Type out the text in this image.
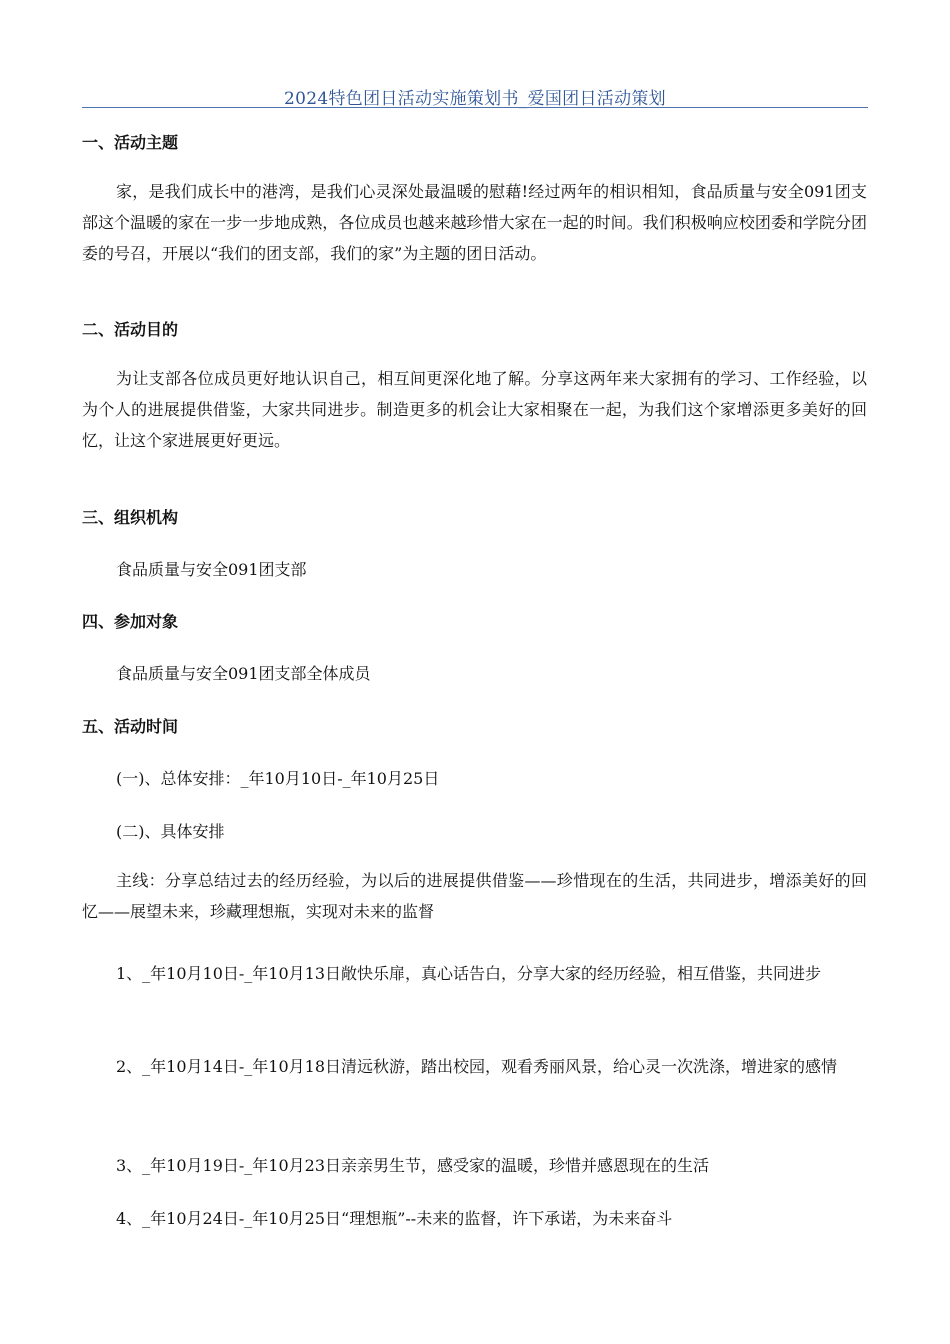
2024特色团日活动实施策划书_爱国团日活动策划
一、活动主题
家，是我们成长中的港湾，是我们心灵深处最温暖的慰藉!经过两年的相识相知，食品质量与安全091团支部这个温暖的家在一步一步地成熟，各位成员也越来越珍惜大家在一起的时间。我们积极响应校团委和学院分团委的号召，开展以“我们的团支部，我们的家”为主题的团日活动。
二、活动目的
为让支部各位成员更好地认识自己，相互间更深化地了解。分享这两年来大家拥有的学习、工作经验，以为个人的进展提供借鉴，大家共同进步。制造更多的机会让大家相聚在一起，为我们这个家增添更多美好的回忆，让这个家进展更好更远。
三、组织机构
食品质量与安全091团支部
四、参加对象
食品质量与安全091团支部全体成员
五、活动时间
(一)、总体安排：_年10月10日-_年10月25日
(二)、具体安排
主线：分享总结过去的经历经验，为以后的进展提供借鉴——珍惜现在的生活，共同进步，增添美好的回忆——展望未来，珍藏理想瓶，实现对未来的监督
1、_年10月10日-_年10月13日敞快乐扉，真心话告白，分享大家的经历经验，相互借鉴，共同进步
2、_年10月14日-_年10月18日清远秋游，踏出校园，观看秀丽风景，给心灵一次洗涤，增进家的感情
3、_年10月19日-_年10月23日亲亲男生节，感受家的温暖，珍惜并感恩现在的生活
4、_年10月24日-_年10月25日“理想瓶”--未来的监督，许下承诺，为未来奋斗
